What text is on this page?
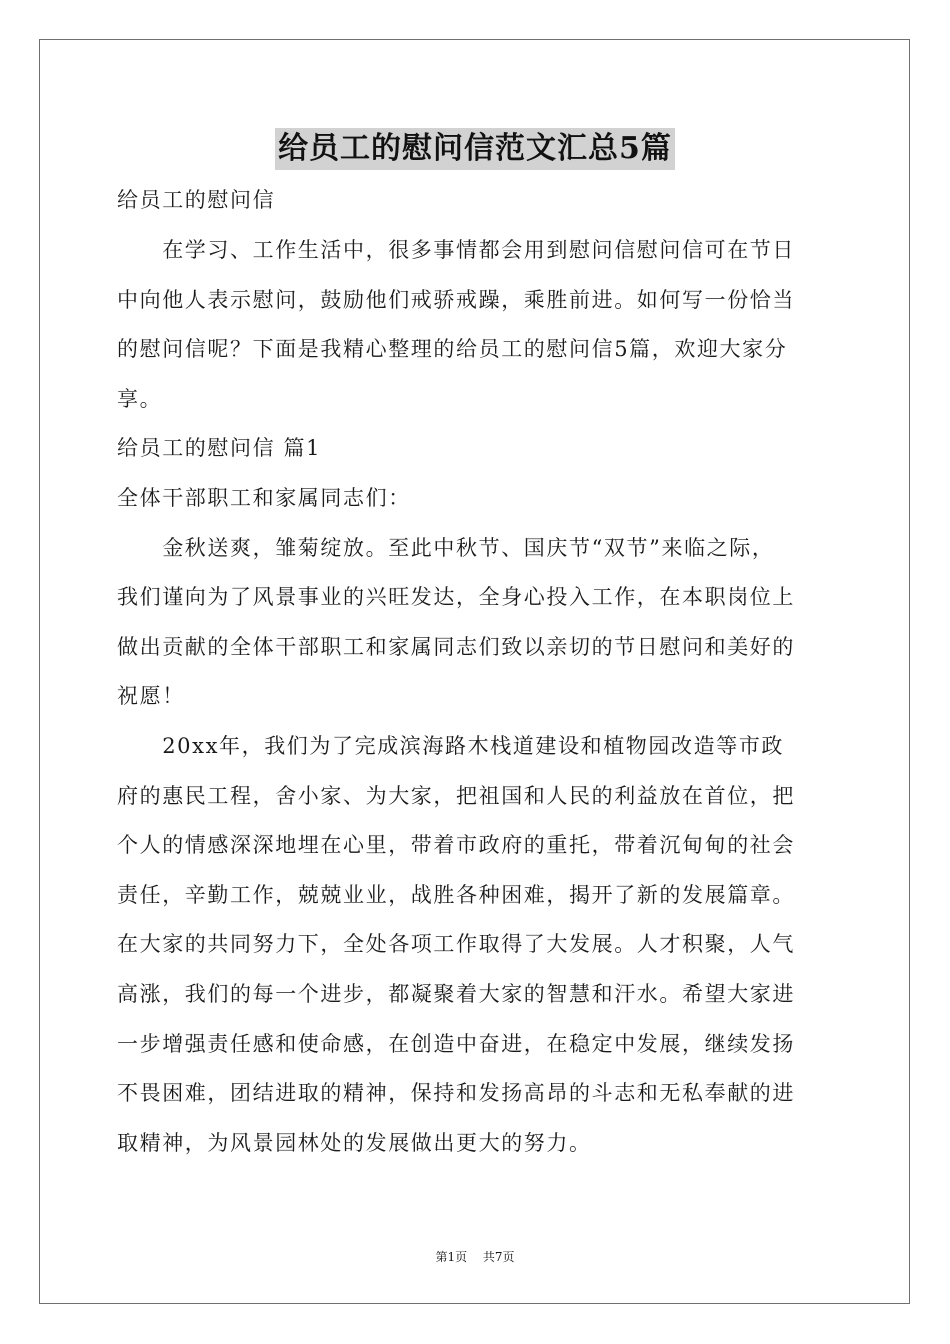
给员工的慰问信范文汇总5篇
给员工的慰问信
　　在学习、工作生活中，很多事情都会用到慰问信慰问信可在节日
中向他人表示慰问，鼓励他们戒骄戒躁，乘胜前进。如何写一份恰当
的慰问信呢？下面是我精心整理的给员工的慰问信5篇，欢迎大家分
享。
给员工的慰问信 篇1
全体干部职工和家属同志们：
　　金秋送爽，雏菊绽放。至此中秋节、国庆节“双节”来临之际，
我们谨向为了风景事业的兴旺发达，全身心投入工作，在本职岗位上
做出贡献的全体干部职工和家属同志们致以亲切的节日慰问和美好的
祝愿！
　　20xx年，我们为了完成滨海路木栈道建设和植物园改造等市政
府的惠民工程，舍小家、为大家，把祖国和人民的利益放在首位，把
个人的情感深深地埋在心里，带着市政府的重托，带着沉甸甸的社会
责任，辛勤工作，兢兢业业，战胜各种困难，揭开了新的发展篇章。
在大家的共同努力下，全处各项工作取得了大发展。人才积聚，人气
高涨，我们的每一个进步，都凝聚着大家的智慧和汗水。希望大家进
一步增强责任感和使命感，在创造中奋进，在稳定中发展，继续发扬
不畏困难，团结进取的精神，保持和发扬高昂的斗志和无私奉献的进
取精神，为风景园林处的发展做出更大的努力。
第1页 共7页
